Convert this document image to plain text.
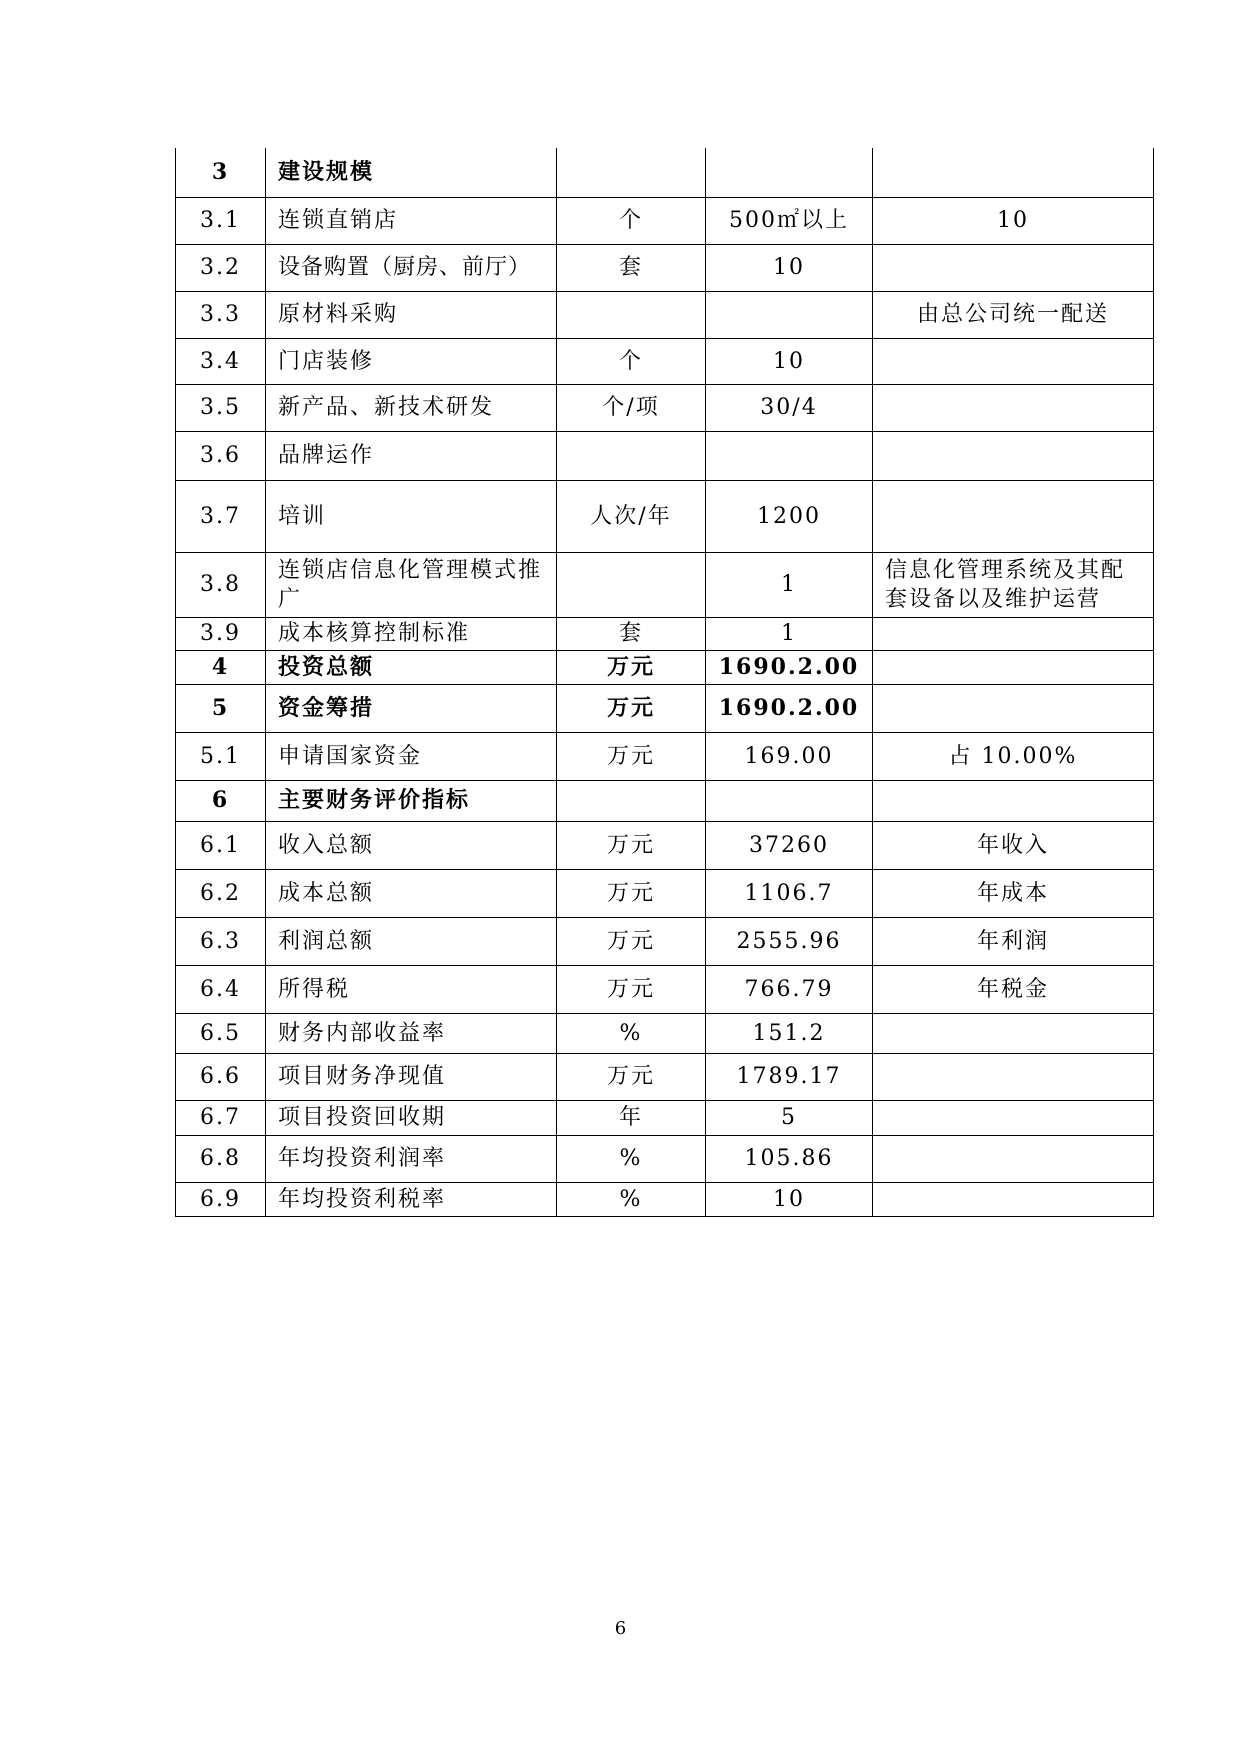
3	建设规模			
3.1	连锁直销店	个	500㎡以上	10
3.2	设备购置（厨房、前厅）	套	10	
3.3	原材料采购			由总公司统一配送
3.4	门店装修	个	10	
3.5	新产品、新技术研发	个/项	30/4	
3.6	品牌运作			
3.7	培训	人次/年	1200	
3.8	连锁店信息化管理模式推广		1	信息化管理系统及其配套设备以及维护运营
3.9	成本核算控制标准	套	1	
4	投资总额	万元	1690.2.00	
5	资金筹措	万元	1690.2.00	
5.1	申请国家资金	万元	169.00	占 10.00%
6	主要财务评价指标			
6.1	收入总额	万元	37260	年收入
6.2	成本总额	万元	1106.7	年成本
6.3	利润总额	万元	2555.96	年利润
6.4	所得税	万元	766.79	年税金
6.5	财务内部收益率	%	151.2	
6.6	项目财务净现值	万元	1789.17	
6.7	项目投资回收期	年	5	
6.8	年均投资利润率	%	105.86	
6.9	年均投资利税率	%	10	
6
